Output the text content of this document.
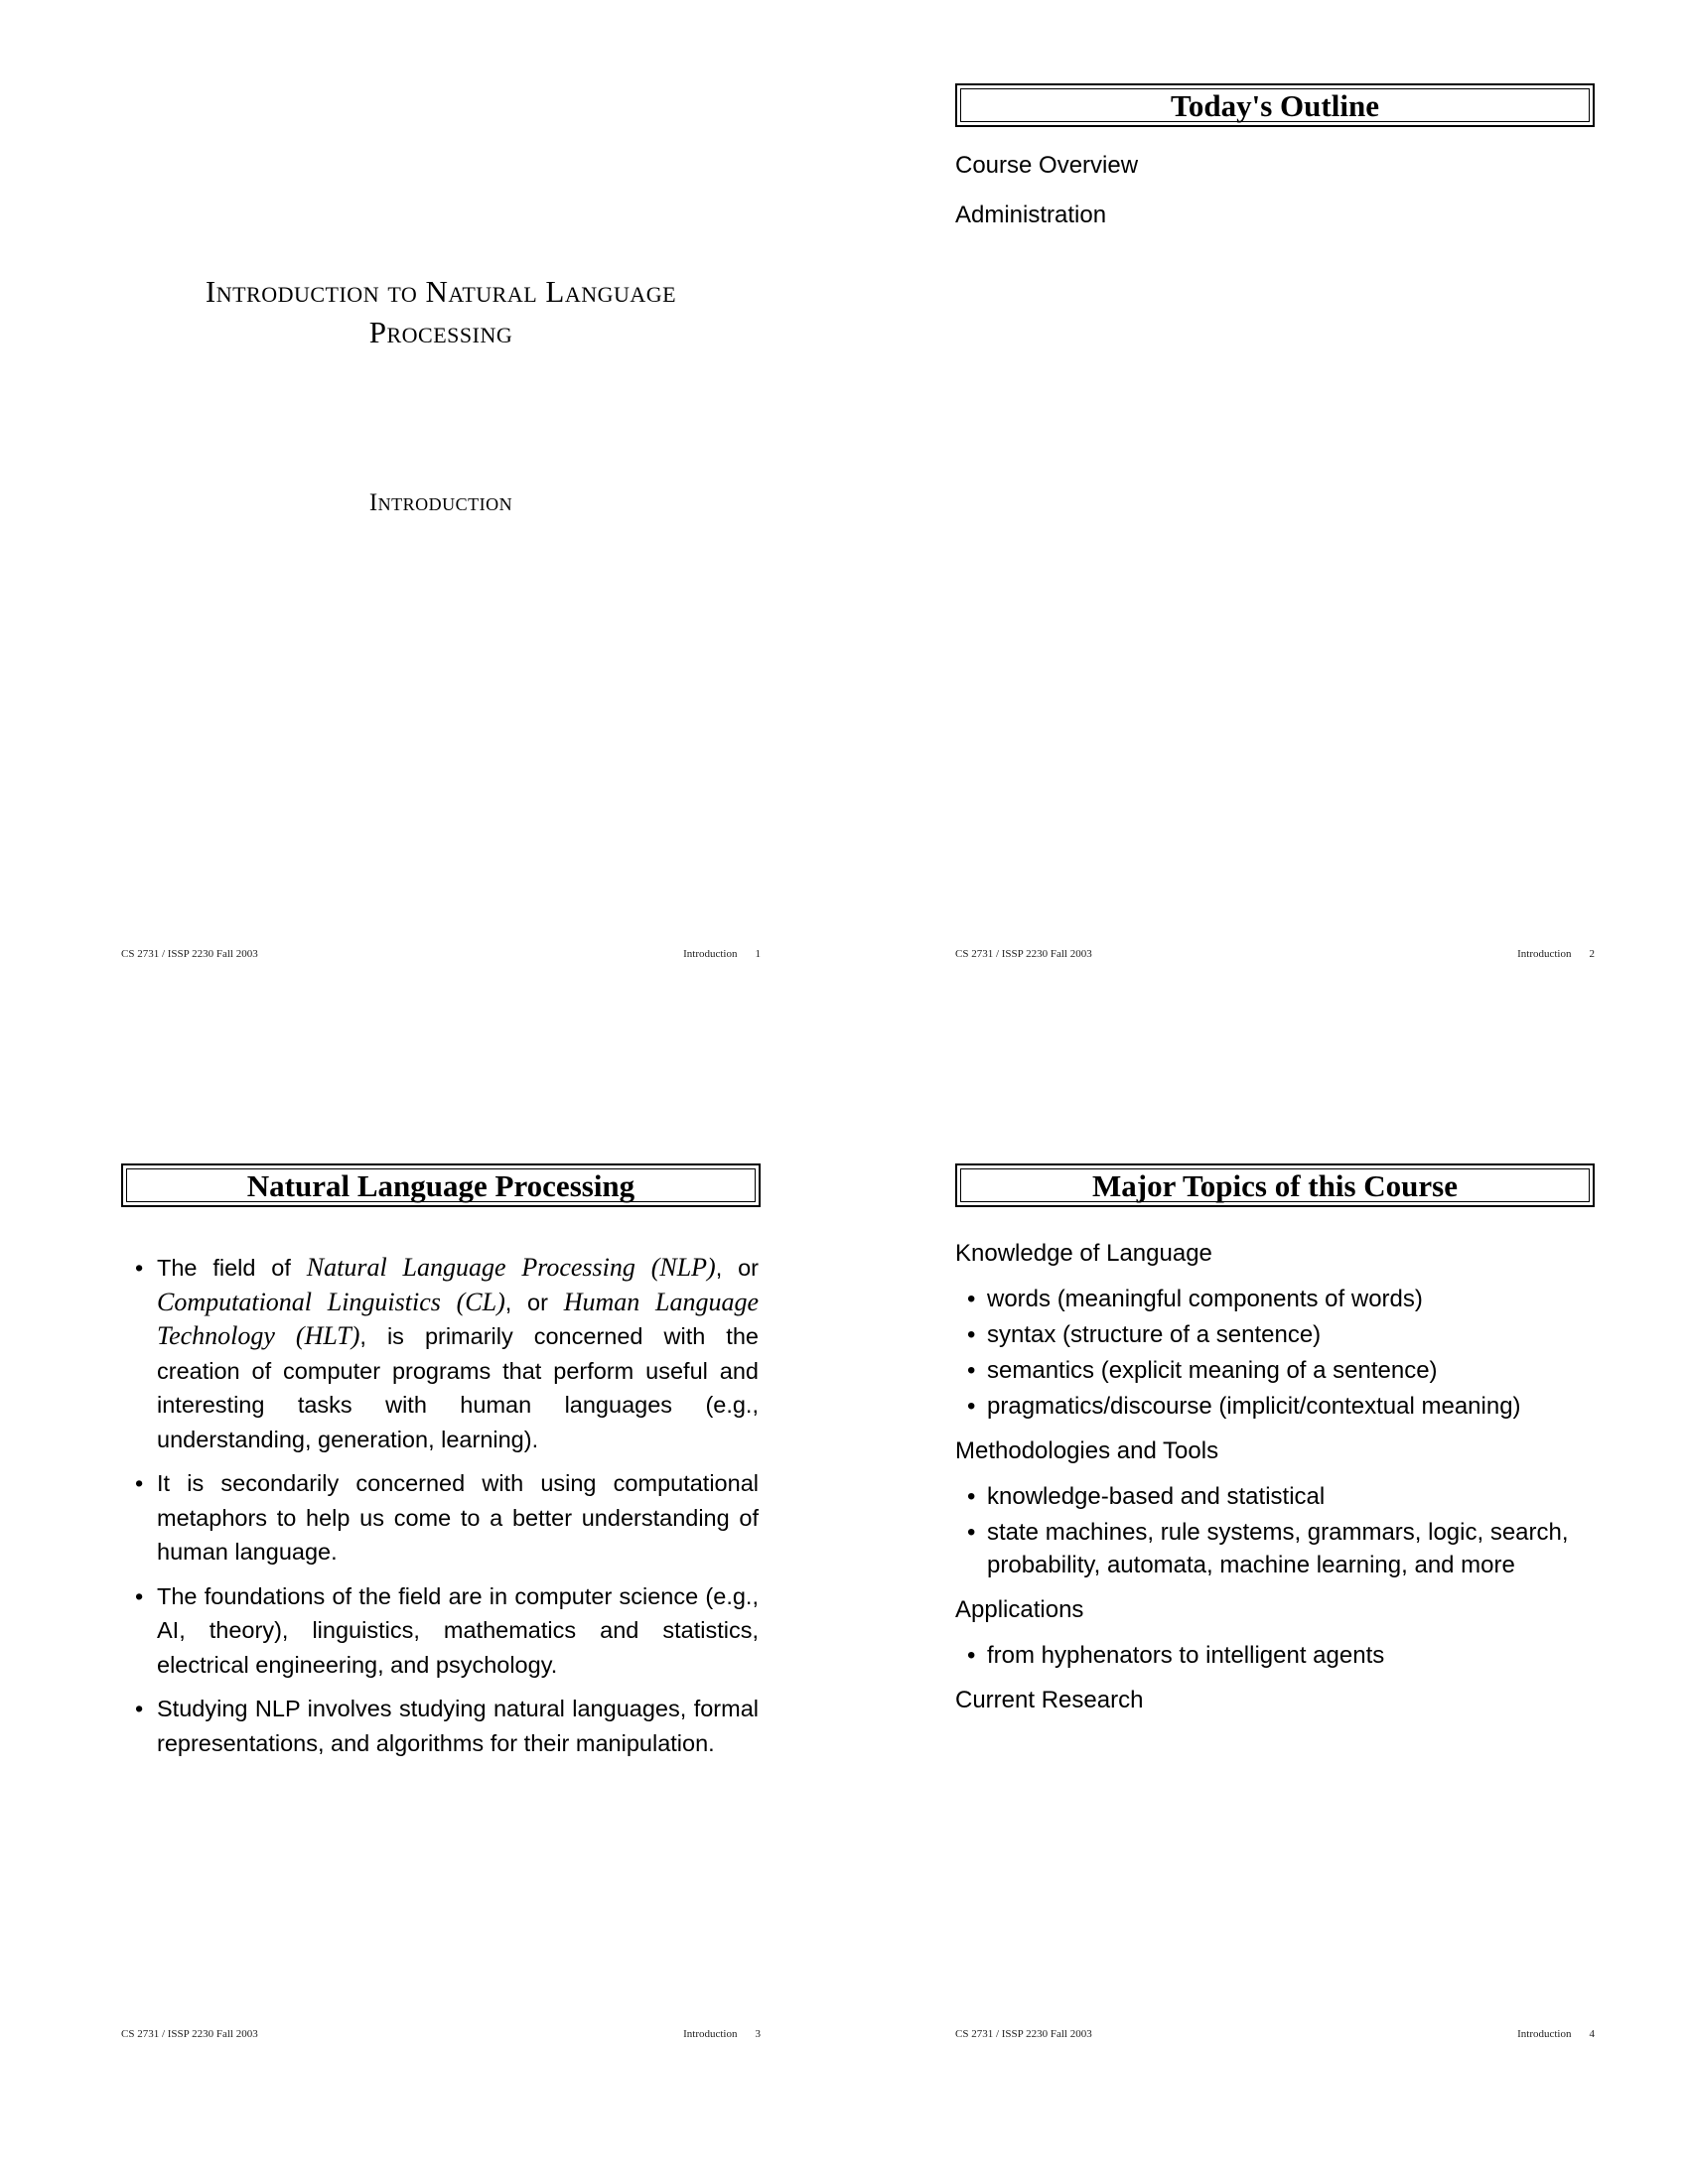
Introduction to Natural Language
Processing
Introduction
CS 2731 / ISSP 2230 Fall 2003	Introduction 1
Today's Outline
Course Overview
Administration
CS 2731 / ISSP 2230 Fall 2003	Introduction 2
Natural Language Processing

• The field of Natural Language Processing (NLP), or Computational Linguistics (CL), or Human Language Technology (HLT), is primarily concerned with the creation of computer programs that perform useful and interesting tasks with human languages (e.g., understanding, generation, learning).

• It is secondarily concerned with using computational metaphors to help us come to a better understanding of human language.

• The foundations of the field are in computer science (e.g., AI, theory), linguistics, mathematics and statistics, electrical engineering, and psychology.

• Studying NLP involves studying natural languages, formal representations, and algorithms for their manipulation.

CS 2731 / ISSP 2230 Fall 2003	Introduction 3
Major Topics of this Course

Knowledge of Language

• words (meaningful components of words)
• syntax (structure of a sentence)
• semantics (explicit meaning of a sentence)
• pragmatics/discourse (implicit/contextual meaning)

Methodologies and Tools

• knowledge-based and statistical
• state machines, rule systems, grammars, logic, search, probability, automata, machine learning, and more

Applications

• from hyphenators to intelligent agents

Current Research

CS 2731 / ISSP 2230 Fall 2003	Introduction 4
